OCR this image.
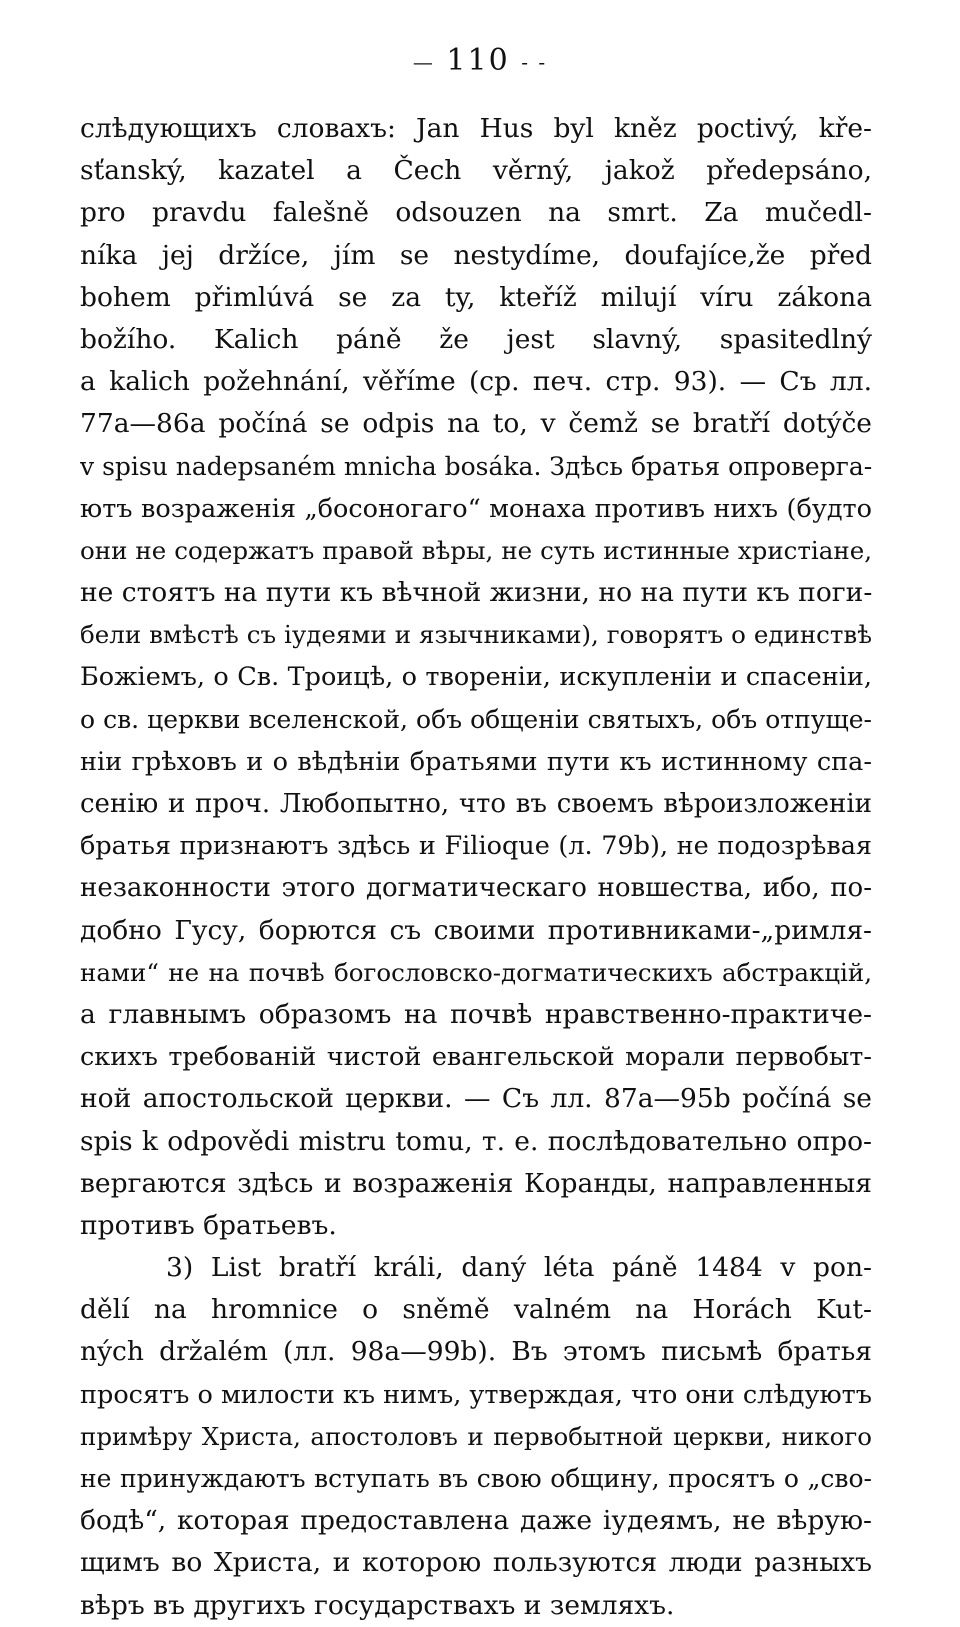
— 110 - -
слѣдующихъ словахъ: Jan Hus byl kněz poctivý, kře-
sťanský, kazatel a Čech věrný, jakož předepsáno,
pro pravdu falešně odsouzen na smrt. Za mučedl-
níka jej držíce, jím se nestydíme, doufajíce,že před
bohem přimlúvá se za ty, kteříž milují víru zákona
božího. Kalich páně že jest slavný, spasitedlný
a kalich požehnání, věříme (ср. печ. стр. 93). — Съ лл.
77a—86a počíná se odpis na to, v čemž se bratří dotýče
v spisu nadepsaném mnicha bosáka. Здѣсь братья опроверга-
ютъ возраженія „босоногаго“ монаха противъ нихъ (будто
они не содержатъ правой вѣры, не суть истинные христіане,
не стоятъ на пути къ вѣчной жизни, но на пути къ поги-
бели вмѣстѣ съ іудеями и язычниками), говорятъ о единствѣ
Божіемъ, о Св. Троицѣ, о твореніи, искупленіи и спасеніи,
о св. церкви вселенской, объ общеніи святыхъ, объ отпуще-
ніи грѣховъ и о вѣдѣніи братьями пути къ истинному спа-
сенію и проч. Любопытно, что въ своемъ вѣроизложеніи
братья признаютъ здѣсь и Filioque (л. 79b), не подозрѣвая
незаконности этого догматическаго новшества, ибо, по-
добно Гусу, борются съ своими противниками-„римля-
нами“ не на почвѣ богословско-догматическихъ абстракцій,
а главнымъ образомъ на почвѣ нравственно-практиче-
скихъ требованій чистой евангельской морали первобыт-
ной апостольской церкви. — Съ лл. 87a—95b počíná se
spis k odpovědi mistru tomu, т. е. послѣдовательно опро-
вергаются здѣсь и возраженія Коранды, направленныя
противъ братьевъ.
3) List bratří králi, daný léta páně 1484 v pon-
dělí na hromnice o sněmě valném na Horách Kut-
ných držalém (лл. 98a—99b). Въ этомъ письмѣ братья
просятъ о милости къ нимъ, утверждая, что они слѣдуютъ
примѣру Христа, апостоловъ и первобытной церкви, никого
не принуждаютъ вступать въ свою общину, просятъ о „сво-
бодѣ“, которая предоставлена даже іудеямъ, не вѣрую-
щимъ во Христа, и которою пользуются люди разныхъ
вѣръ въ другихъ государствахъ и земляхъ.
